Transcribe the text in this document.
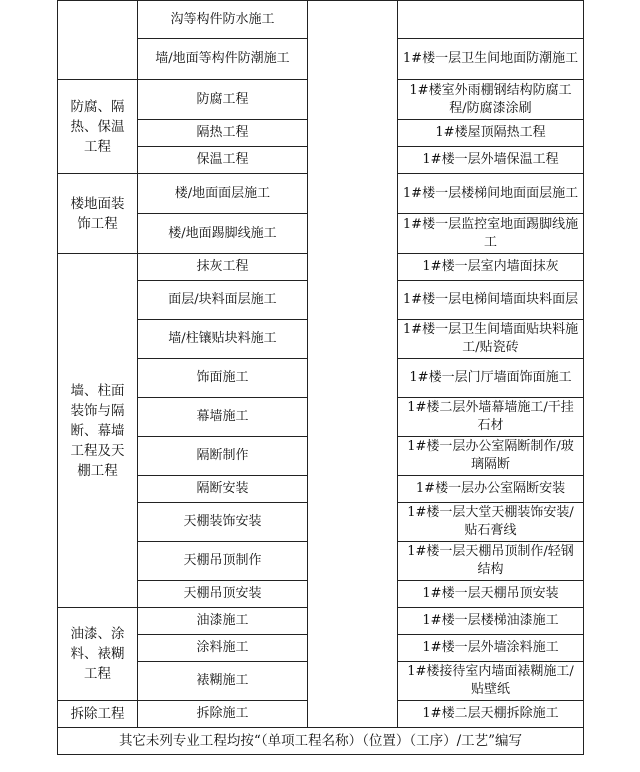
	沟等构件防水施工		
	墙/地面等构件防潮施工		1#楼一层卫生间地面防潮施工
防腐、隔热、保温工程	防腐工程		1#楼室外雨棚钢结构防腐工程/防腐漆涂刷
	隔热工程		1#楼屋顶隔热工程
	保温工程		1#楼一层外墙保温工程
楼地面装饰工程	楼/地面面层施工		1#楼一层楼梯间地面面层施工
	楼/地面踢脚线施工		1#楼一层监控室地面踢脚线施工
墙、柱面装饰与隔断、幕墙工程及天棚工程	抹灰工程		1#楼一层室内墙面抹灰
	面层/块料面层施工		1#楼一层电梯间墙面块料面层
	墙/柱镶贴块料施工		1#楼一层卫生间墙面贴块料施工/贴瓷砖
	饰面施工		1#楼一层门厅墙面饰面施工
	幕墙施工		1#楼二层外墙幕墙施工/干挂石材
	隔断制作		1#楼一层办公室隔断制作/玻璃隔断
	隔断安装		1#楼一层办公室隔断安装
	天棚装饰安装		1#楼一层大堂天棚装饰安装/贴石膏线
	天棚吊顶制作		1#楼一层天棚吊顶制作/轻钢结构
	天棚吊顶安装		1#楼一层天棚吊顶安装
油漆、涂料、裱糊工程	油漆施工		1#楼一层楼梯油漆施工
	涂料施工		1#楼一层外墙涂料施工
	裱糊施工		1#楼接待室内墙面裱糊施工/贴壁纸
拆除工程	拆除施工		1#楼二层天棚拆除施工
其它未列专业工程均按“（单项工程名称）（位置）（工序）/工艺”编写			
